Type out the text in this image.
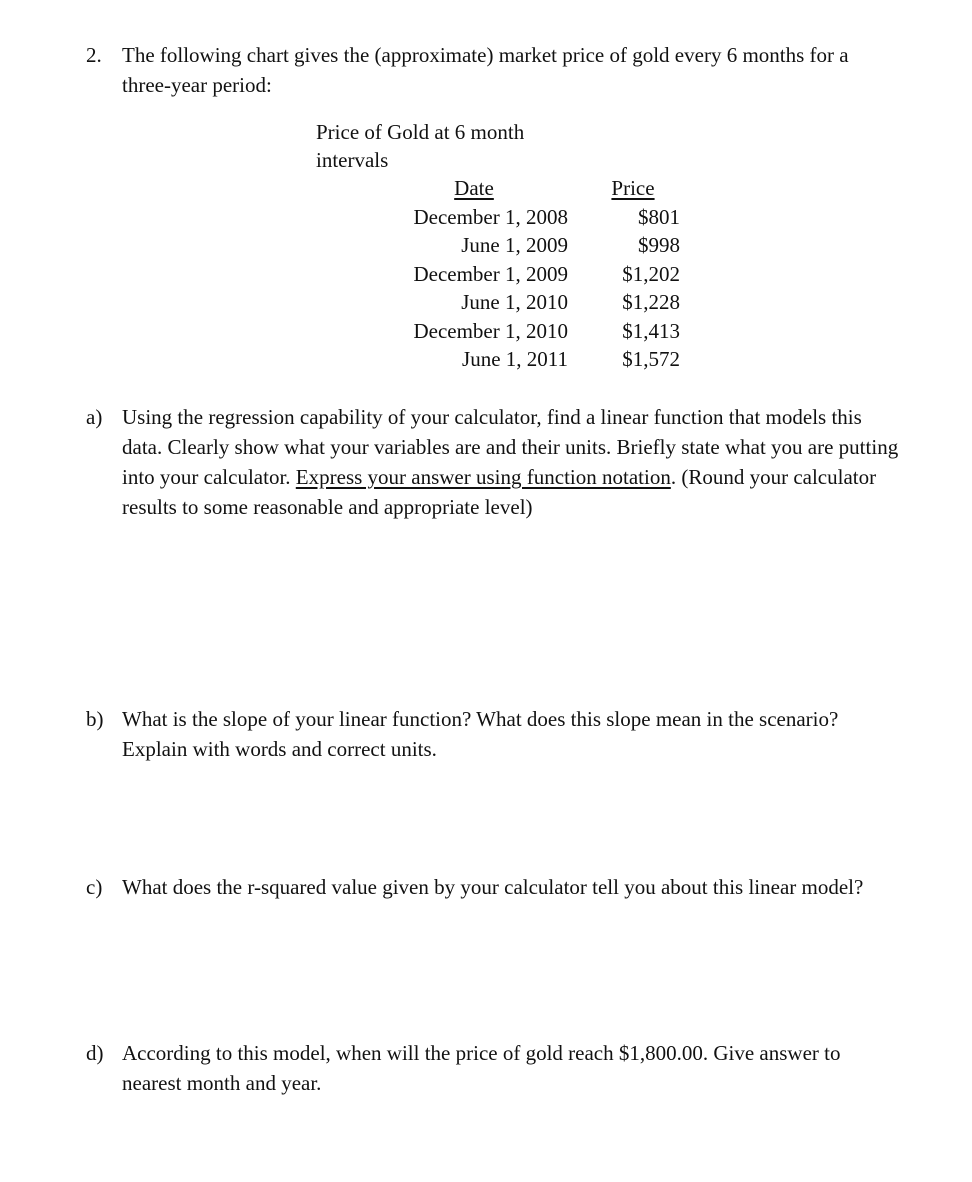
2. The following chart gives the (approximate) market price of gold every 6 months for a three-year period:
Price of Gold at 6 month
intervals
Date	Price
December 1, 2008	$801
June 1, 2009	$998
December 1, 2009	$1,202
June 1, 2010	$1,228
December 1, 2010	$1,413
June 1, 2011	$1,572
a) Using the regression capability of your calculator, find a linear function that models this data. Clearly show what your variables are and their units. Briefly state what you are putting into your calculator. Express your answer using function notation. (Round your calculator results to some reasonable and appropriate level)
b) What is the slope of your linear function? What does this slope mean in the scenario? Explain with words and correct units.
c) What does the r-squared value given by your calculator tell you about this linear model?
d) According to this model, when will the price of gold reach $1,800.00. Give answer to nearest month and year.
